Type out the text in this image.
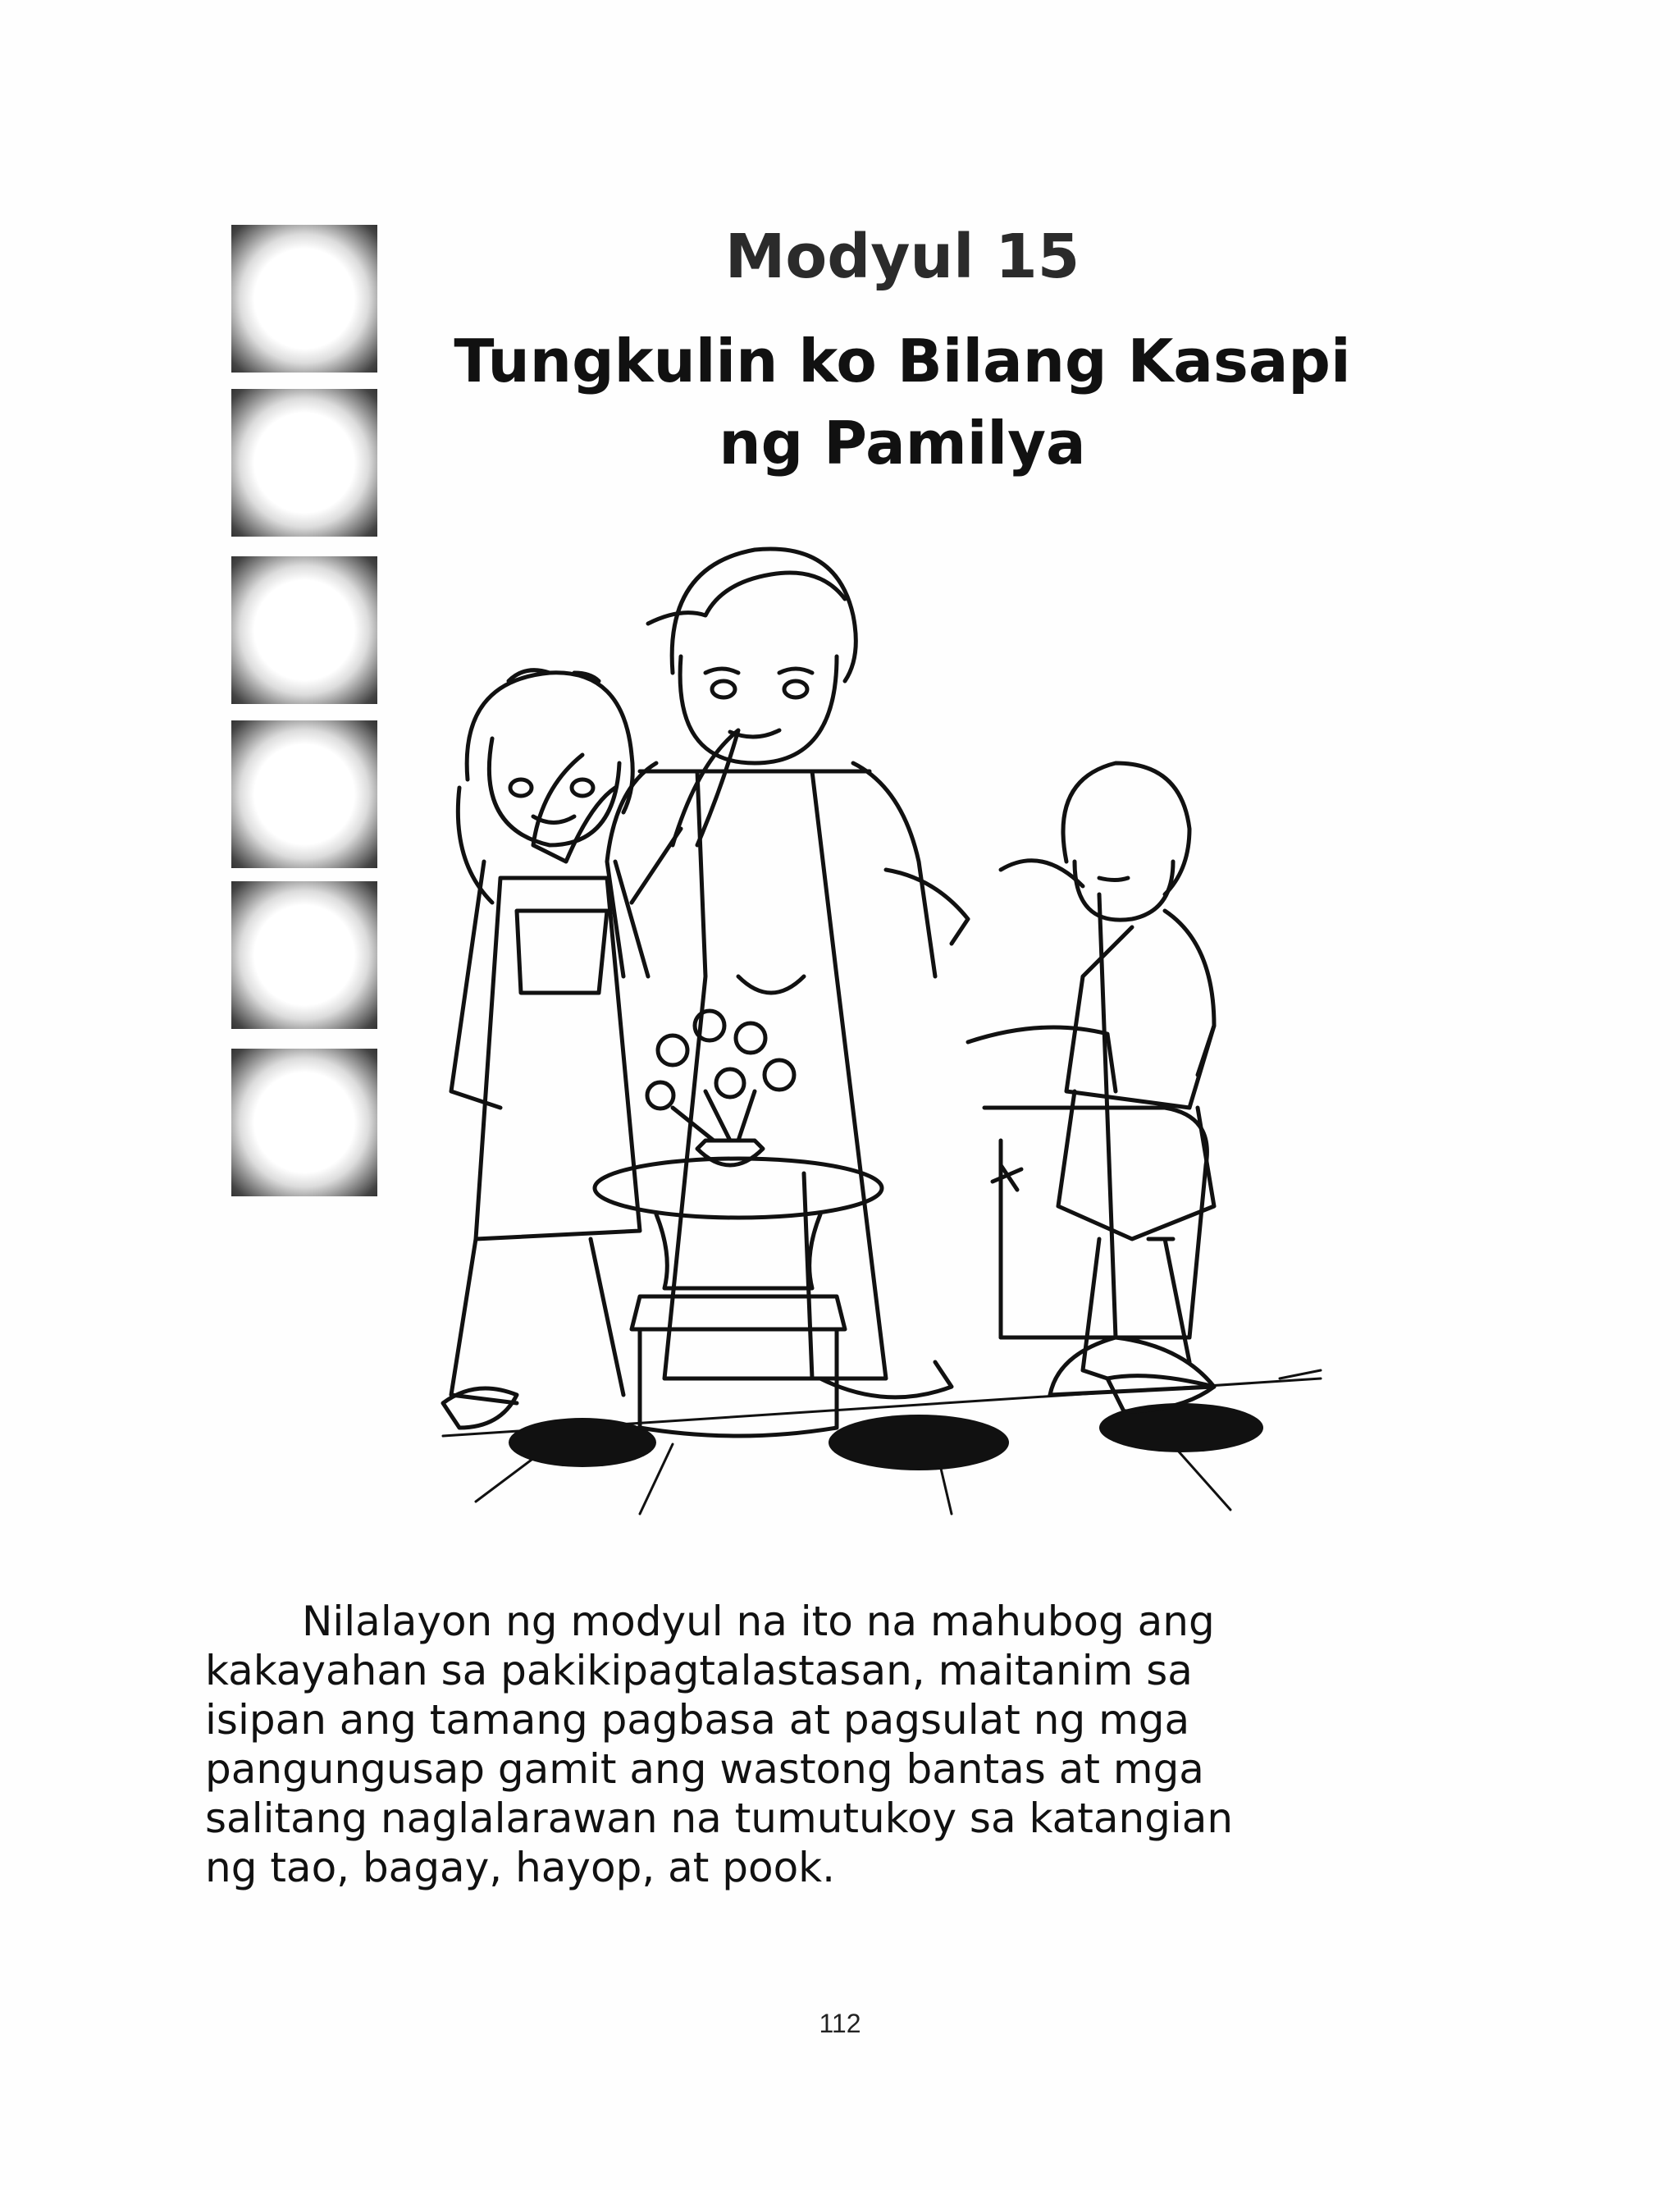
Modyul 15
Tungkulin ko Bilang Kasapi
ng Pamilya
Nilalayon ng modyul na ito na mahubog ang
kakayahan sa pakikipagtalastasan, maitanim sa
isipan ang tamang pagbasa at pagsulat ng mga
pangungusap gamit ang wastong bantas at mga
salitang naglalarawan na tumutukoy sa katangian
ng tao, bagay, hayop, at pook.
112
